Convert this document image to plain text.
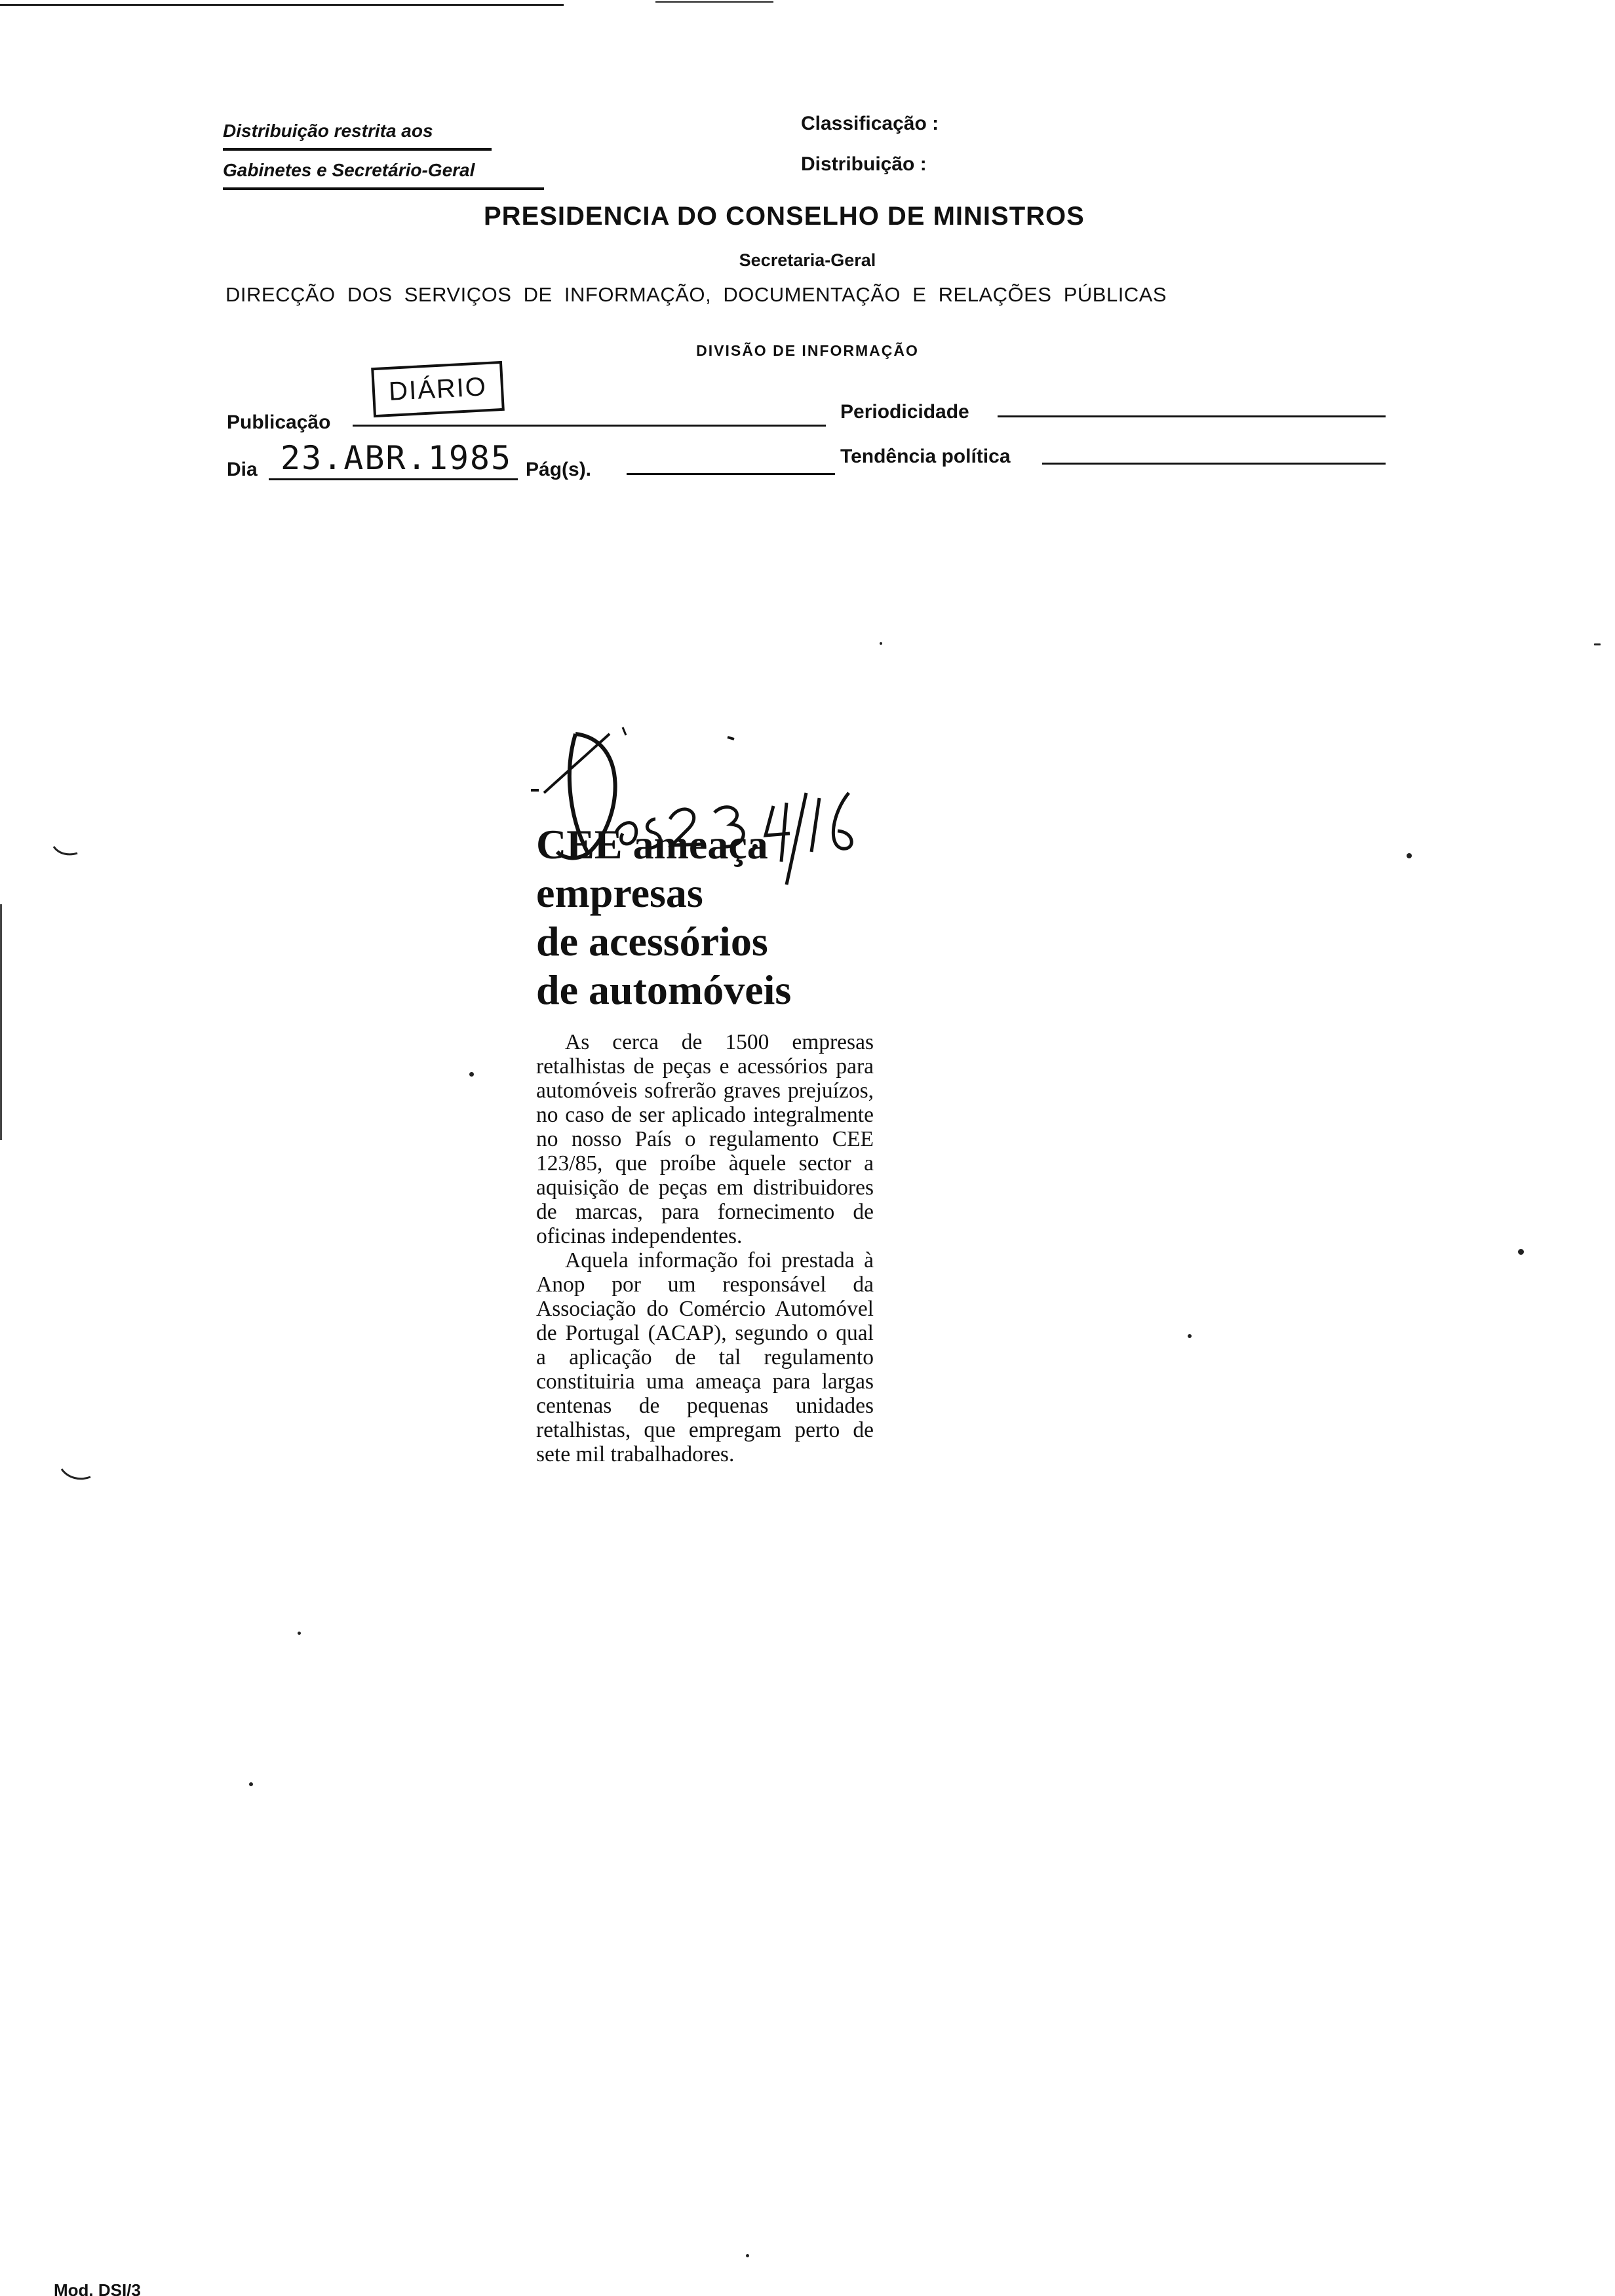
Distribuição restrita aos
Gabinetes e Secretário-Geral
Classificação :
Distribuição :
PRESIDENCIA DO CONSELHO DE MINISTROS
Secretaria-Geral
DIRECÇÃO  DOS  SERVIÇOS  DE  INFORMAÇÃO,  DOCUMENTAÇÃO  E  RELAÇÕES  PÚBLICAS
DIVISÃO DE INFORMAÇÃO
Publicação
DIÁRIO
Periodicidade
Dia 23.ABR.1985 Pág(s).
Tendência política
CEE ameaça
empresas
de acessórios
de automóveis

As cerca de 1500 empresas retalhistas de peças e acessórios para automóveis sofrerão graves prejuízos, no caso de ser aplicado integralmente no nosso País o regulamento CEE 123/85, que proíbe àquele sector a aquisição de peças em distribuidores de marcas, para fornecimento de oficinas independentes.

Aquela informação foi prestada à Anop por um responsável da Associação do Comércio Automóvel de Portugal (ACAP), segundo o qual a aplicação de tal regulamento constituiria uma ameaça para largas centenas de pequenas unidades retalhistas, que empregam perto de sete mil trabalhadores.

Mod. DSI/3
